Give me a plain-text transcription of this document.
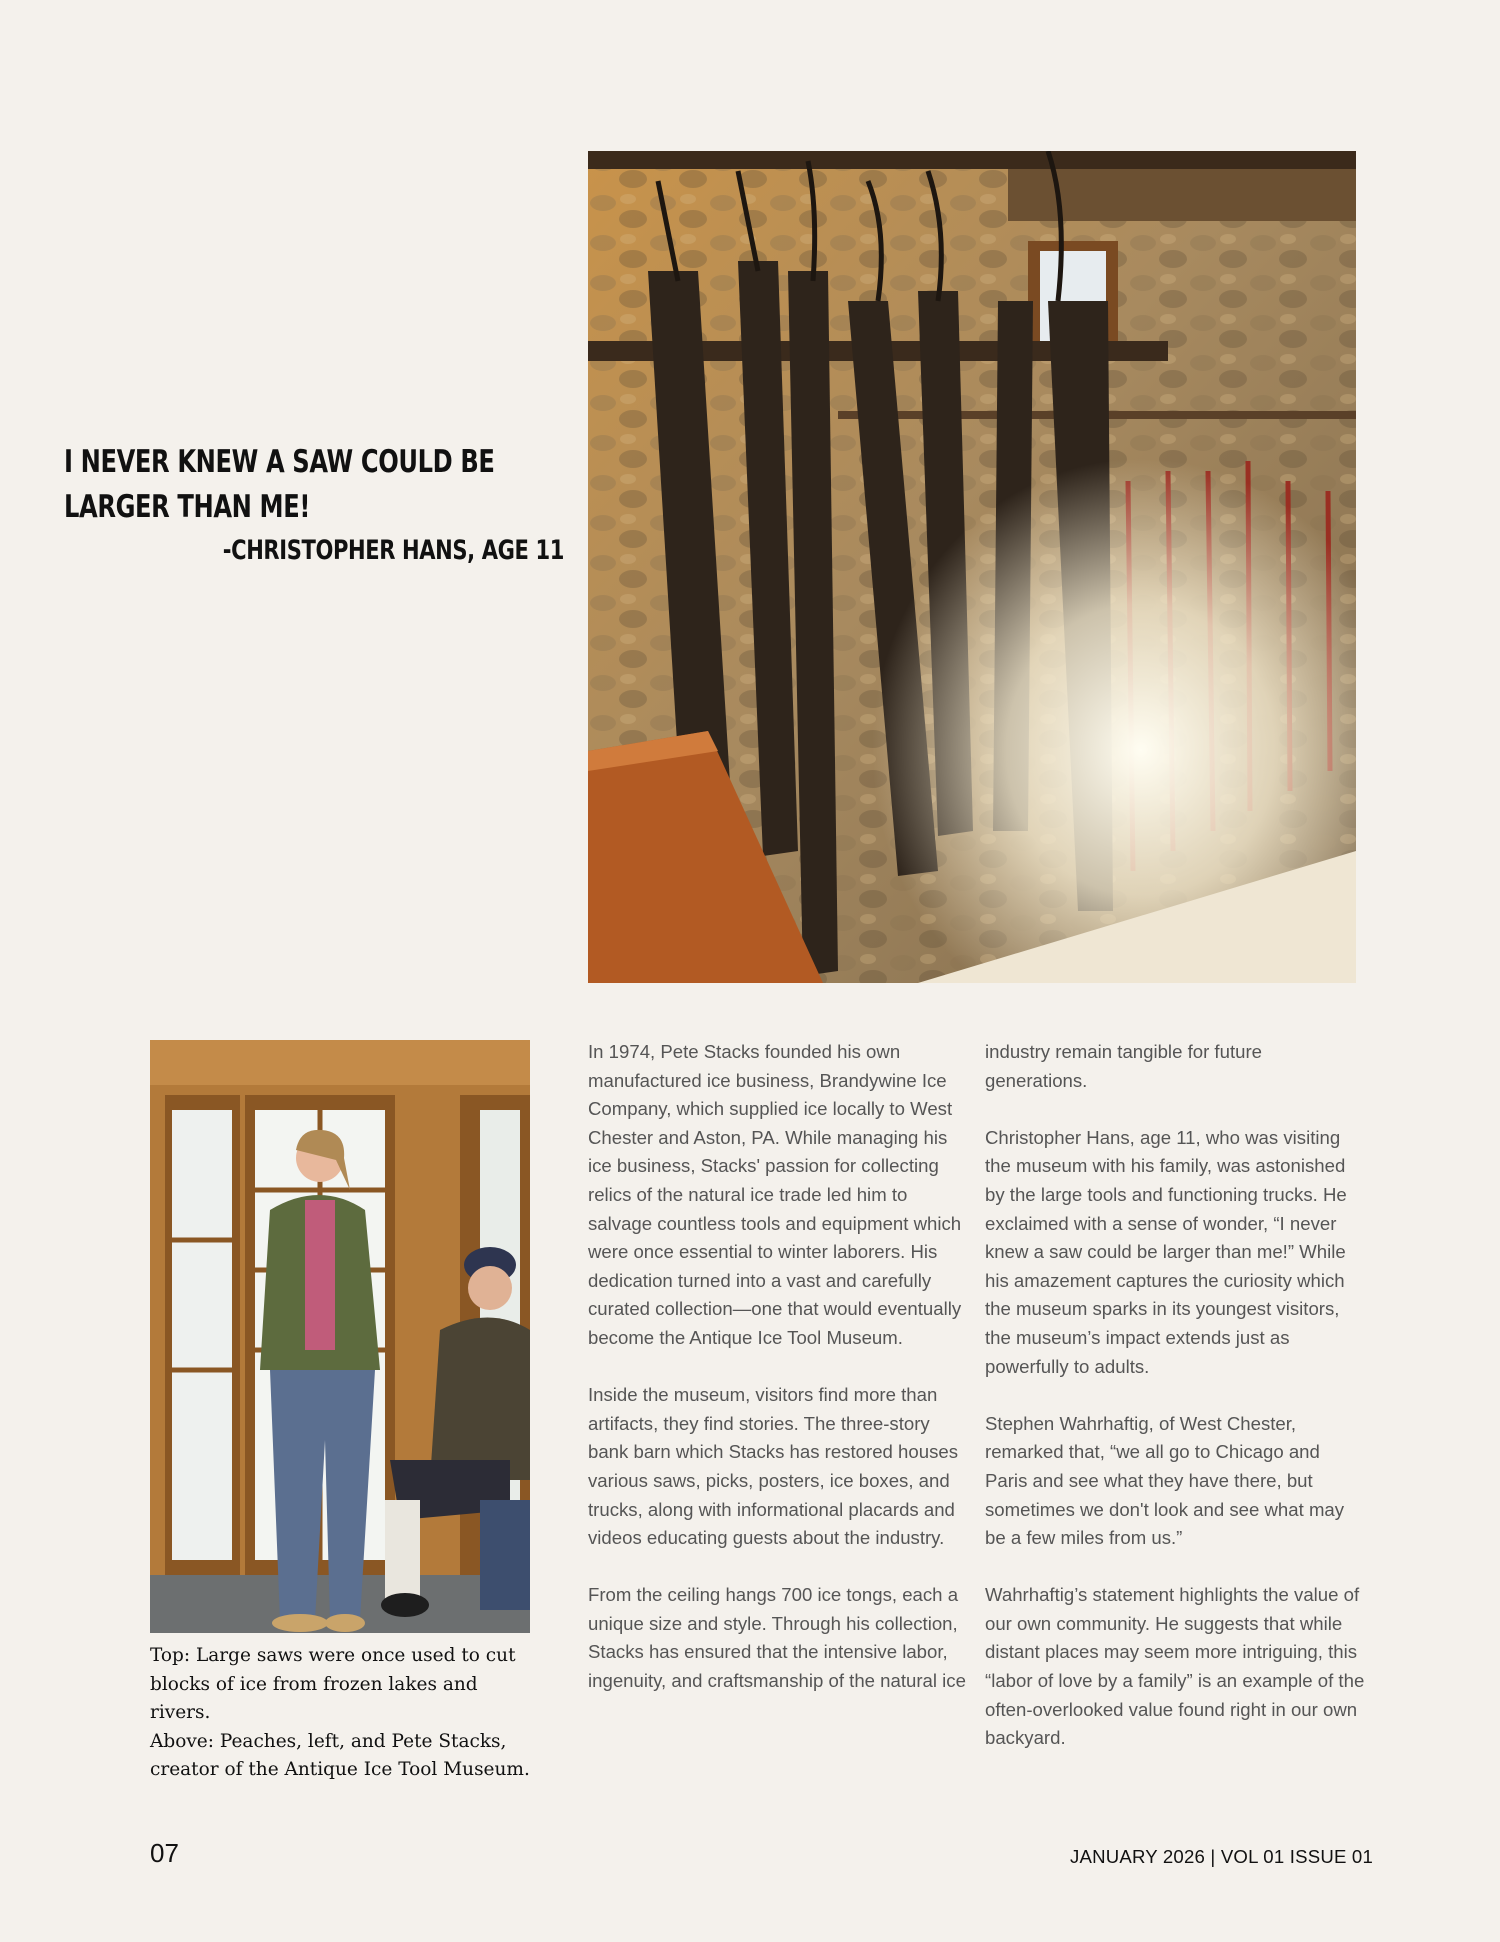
I NEVER KNEW A SAW COULD BE
LARGER THAN ME!
-CHRISTOPHER HANS, AGE 11

Top: Large saws were once used to cut blocks of ice from frozen lakes and rivers.

Above: Peaches, left, and Pete Stacks, creator of the Antique Ice Tool Museum.

In 1974, Pete Stacks founded his own manufactured ice business, Brandywine Ice Company, which supplied ice locally to West Chester and Aston, PA. While managing his ice business, Stacks' passion for collecting relics of the natural ice trade led him to salvage countless tools and equipment which were once essential to winter laborers. His dedication turned into a vast and carefully curated collection—one that would eventually become the Antique Ice Tool Museum.

Inside the museum, visitors find more than artifacts, they find stories. The three-story bank barn which Stacks has restored houses various saws, picks, posters, ice boxes, and trucks, along with informational placards and videos educating guests about the industry.

From the ceiling hangs 700 ice tongs, each a unique size and style. Through his collection, Stacks has ensured that the intensive labor, ingenuity, and craftsmanship of the natural ice

industry remain tangible for future generations.

Christopher Hans, age 11, who was visiting the museum with his family, was astonished by the large tools and functioning trucks. He exclaimed with a sense of wonder, “I never knew a saw could be larger than me!” While his amazement captures the curiosity which the museum sparks in its youngest visitors, the museum’s impact extends just as powerfully to adults.

Stephen Wahrhaftig, of West Chester, remarked that, “we all go to Chicago and Paris and see what they have there, but sometimes we don't look and see what may be a few miles from us.”

Wahrhaftig’s statement highlights the value of our own community. He suggests that while distant places may seem more intriguing, this “labor of love by a family” is an example of the often-overlooked value found right in our own backyard.

07	JANUARY 2026 | VOL 01 ISSUE 01
